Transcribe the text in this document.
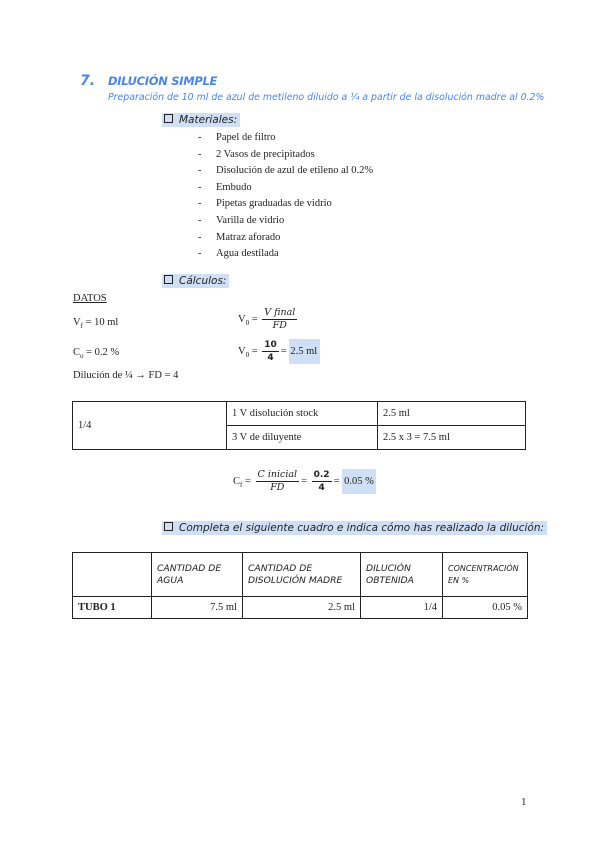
7. DILUCIÓN SIMPLE
Preparación de 10 ml de azul de metileno diluido a ¼ a partir de la disolución madre al 0.2%
Materiales:
- Papel de filtro
- 2 Vasos de precipitados
- Disolución de azul de etileno al 0.2%
- Embudo
- Pipetas graduadas de vidrio
- Varilla de vidrio
- Matraz aforado
- Agua destilada
Cálculos:
DATOS
$V_f = 10$ ml
$C_o = 0.2$ %
Dilución de ¼ → FD = 4
$V_0 = \frac{\text{V final}}{FD}$
$V_0 = \frac{10}{4} = 2.5$ ml
1/4	1 V disolución stock	2.5 ml
	3 V de diluyente	2.5 x 3 = 7.5 ml
$C_f = \frac{\text{C inicial}}{FD} = \frac{0.2}{4} = 0.05$ %
Completa el siguiente cuadro e indica cómo has realizado la dilución:
	CANTIDAD DE AGUA	CANTIDAD DE DISOLUCIÓN MADRE	DILUCIÓN OBTENIDA	CONCENTRACIÓN EN %
TUBO 1	7.5 ml	2.5 ml	1/4	0.05 %
1
